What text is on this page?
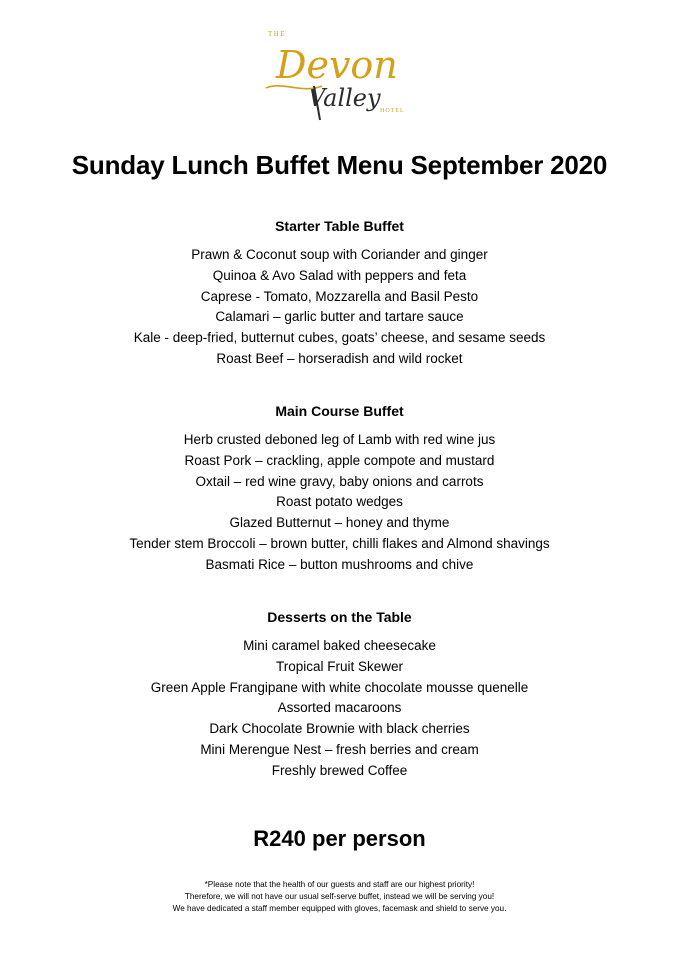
THE
Devon
Valley HOTEL
Sunday Lunch Buffet Menu September 2020
Starter Table Buffet
Prawn & Coconut soup with Coriander and ginger
Quinoa & Avo Salad with peppers and feta
Caprese - Tomato, Mozzarella and Basil Pesto
Calamari – garlic butter and tartare sauce
Kale - deep-fried, butternut cubes, goats’ cheese, and sesame seeds
Roast Beef – horseradish and wild rocket
Main Course Buffet
Herb crusted deboned leg of Lamb with red wine jus
Roast Pork – crackling, apple compote and mustard
Oxtail – red wine gravy, baby onions and carrots
Roast potato wedges
Glazed Butternut – honey and thyme
Tender stem Broccoli – brown butter, chilli flakes and Almond shavings
Basmati Rice – button mushrooms and chive
Desserts on the Table
Mini caramel baked cheesecake
Tropical Fruit Skewer
Green Apple Frangipane with white chocolate mousse quenelle
Assorted macaroons
Dark Chocolate Brownie with black cherries
Mini Merengue Nest – fresh berries and cream
Freshly brewed Coffee
R240 per person
*Please note that the health of our guests and staff are our highest priority!
Therefore, we will not have our usual self-serve buffet, instead we will be serving you!
We have dedicated a staff member equipped with gloves, facemask and shield to serve you.
